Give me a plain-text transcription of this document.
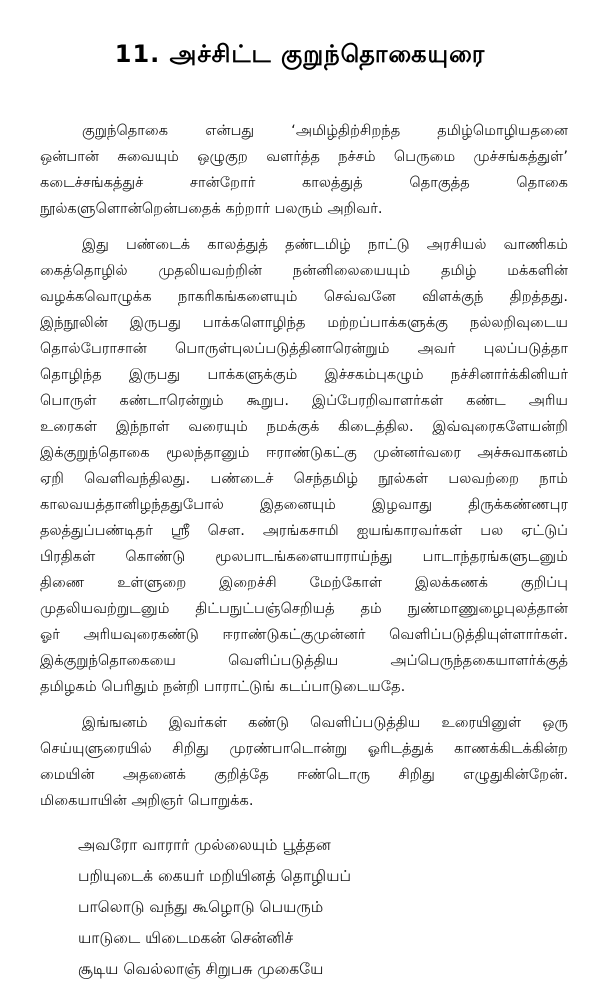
11. அச்சிட்ட குறுந்தொகையுரை
குறுந்தொகை என்பது ‘அமிழ்திற்சிறந்த தமிழ்மொழியதனை
ஒன்பான் சுவையும் ஒழுகுற வளர்த்த நச்சம் பெருமை முச்சங்கத்துள்’
கடைச்சங்கத்துச் சான்றோர் காலத்துத் தொகுத்த தொகை
நூல்களுளொன்றென்பதைக் கற்றார் பலரும் அறிவர்.
இது பண்டைக் காலத்துத் தண்டமிழ் நாட்டு அரசியல் வாணிகம்
கைத்தொழில் முதலியவற்றின் நன்னிலையையும் தமிழ் மக்களின்
வழக்கவொழுக்க நாகரிகங்களையும் செவ்வனே விளக்குந் திறத்தது.
இந்நூலின் இருபது பாக்களொழிந்த மற்றப்பாக்களுக்கு நல்லறிவுடைய
தொல்பேராசான் பொருள்புலப்படுத்தினாரென்றும் அவர் புலப்படுத்தா
தொழிந்த இருபது பாக்களுக்கும் இச்சகம்புகழும் நச்சினார்க்கினியர்
பொருள் கண்டாரென்றும் கூறுப. இப்பேரறிவாளர்கள் கண்ட அரிய
உரைகள் இந்நாள் வரையும் நமக்குக் கிடைத்தில. இவ்வுரைகளேயன்றி
இக்குறுந்தொகை மூலந்தானும் ஈராண்டுகட்கு முன்னர்வரை அச்சுவாகனம்
ஏறி வெளிவந்திலது. பண்டைச் செந்தமிழ் நூல்கள் பலவற்றை நாம்
காலவயத்தானிழந்ததுபோல் இதனையும் இழவாது திருக்கண்ணபுர
தலத்துப்பண்டிதர் ஸ்ரீ செள. அரங்கசாமி ஐயங்காரவர்கள் பல ஏட்டுப்
பிரதிகள் கொண்டு மூலபாடங்களையாராய்ந்து பாடாந்தரங்களுடனும்
திணை உள்ளுறை இறைச்சி மேற்கோள் இலக்கணக் குறிப்பு
முதலியவற்றுடனும் திட்பநுட்பஞ்செறியத் தம் நுண்மாணுழைபுலத்தான்
ஓர் அரியவுரைகண்டு ஈராண்டுகட்குமுன்னர் வெளிப்படுத்தியுள்ளார்கள்.
இக்குறுந்தொகையை வெளிப்படுத்திய அப்பெருந்தகையாளர்க்குத்
தமிழகம் பெரிதும் நன்றி பாராட்டுங் கடப்பாடுடையதே.
இங்ஙனம் இவர்கள் கண்டு வெளிப்படுத்திய உரையினுள் ஒரு
செய்யுளுரையில் சிறிது முரண்பாடொன்று ஓரிடத்துக் காணக்கிடக்கின்ற
மையின் அதனைக் குறித்தே ஈண்டொரு சிறிது எழுதுகின்றேன்.
மிகையாயின் அறிஞர் பொறுக்க.
அவரோ வாரார் முல்லையும் பூத்தன
பறியுடைக் கையர் மறியினத் தொழியப்
பாலொடு வந்து கூழொடு பெயரும்
யாடுடை யிடைமகன் சென்னிச்
சூடிய வெல்லாஞ் சிறுபசு முகையே
